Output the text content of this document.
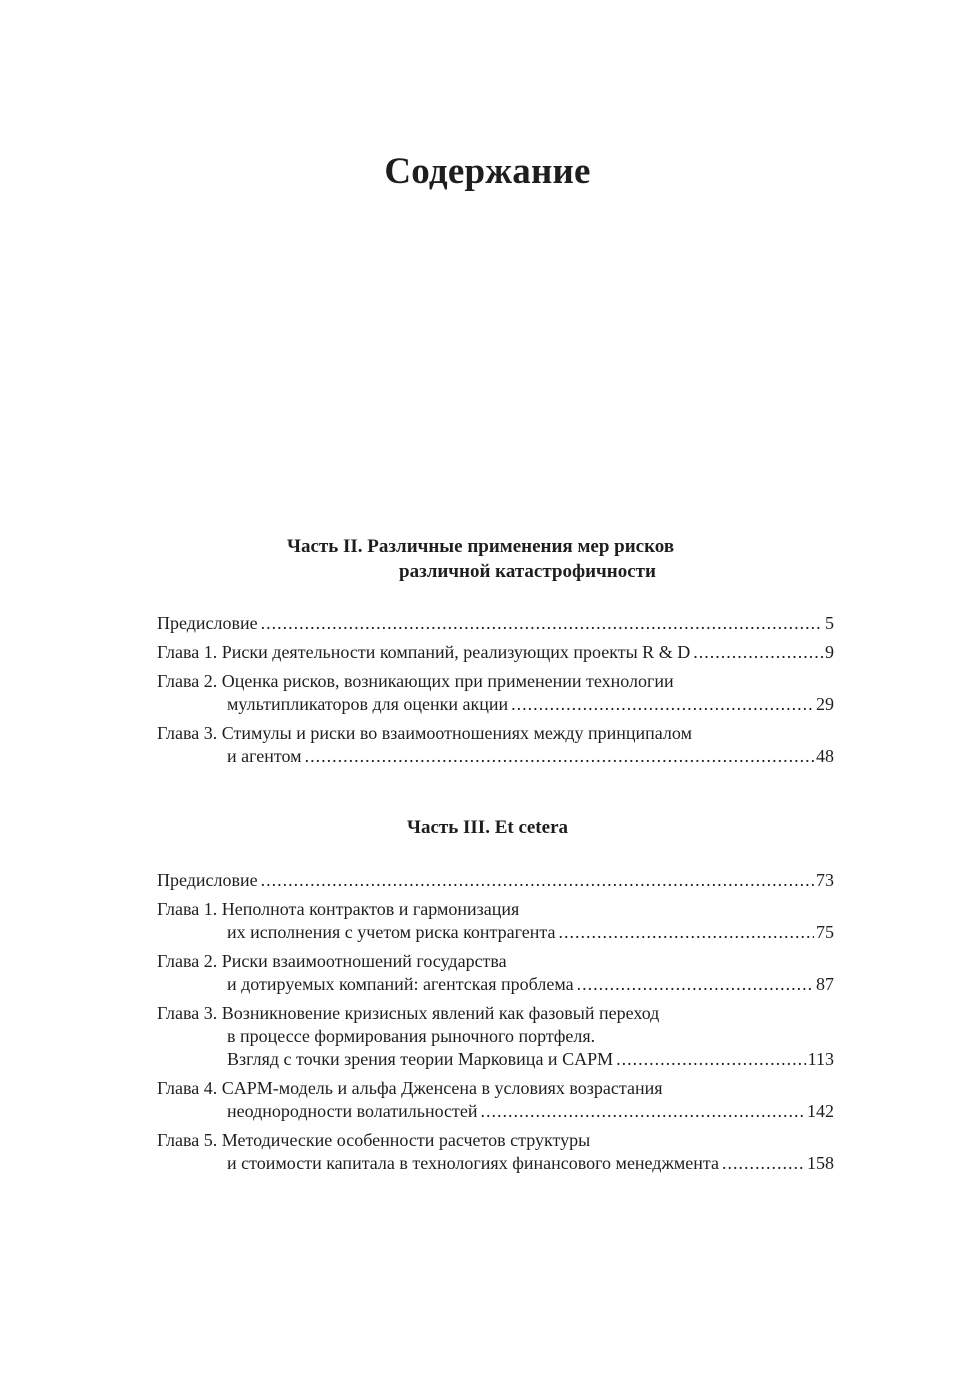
Содержание

Часть II. Различные применения мер рисков

различной катастрофичности

Предисловие .....	5
Глава 1. Риски деятельности компаний, реализующих проекты R & D .....	9
Глава 2. Оценка рисков, возникающих при применении технологии
мультипликаторов для оценки акции .....	29
Глава 3. Стимулы и риски во взаимоотношениях между принципалом
и агентом .....	48

Часть III. Et cetera

Предисловие .....	73
Глава 1. Неполнота контрактов и гармонизация
их исполнения с учетом риска контрагента .....	75
Глава 2. Риски взаимоотношений государства
и дотируемых компаний: агентская проблема .....	87
Глава 3. Возникновение кризисных явлений как фазовый переход
в процессе формирования рыночного портфеля.
Взгляд с точки зрения теории Марковица и CAPM .....	113
Глава 4. CAPM-модель и альфа Дженсена в условиях возрастания
неоднородности волатильностей .....	142
Глава 5. Методические особенности расчетов структуры
и стоимости капитала в технологиях финансового менеджмента .....	158
